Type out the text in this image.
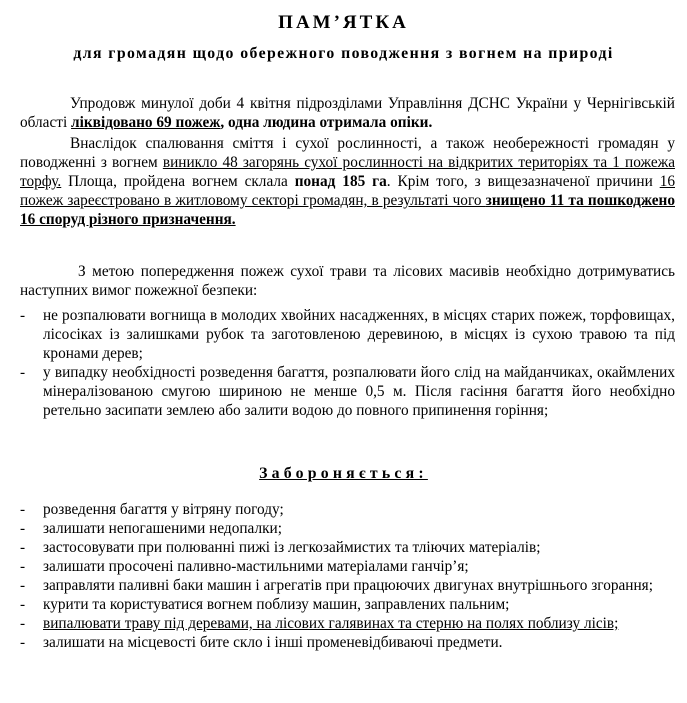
ПАМ’ЯТКА
для громадян щодо обережного поводження з вогнем на природі
Упродовж минулої доби 4 квітня підрозділами Управління ДСНС України у Чернігівській області ліквідовано 69 пожеж, одна людина отримала опіки.
Внаслідок спалювання сміття і сухої рослинності, а також необережності громадян у поводженні з вогнем виникло 48 загорянь сухої рослинності на відкритих територіях та 1 пожежа торфу. Площа, пройдена вогнем склала понад 185 га. Крім того, з вищезазначеної причини 16 пожеж зареєстровано в житловому секторі громадян, в результаті чого знищено 11 та пошкоджено 16 споруд різного призначення.
З метою попередження пожеж сухої трави та лісових масивів необхідно дотримуватись наступних вимог пожежної безпеки:
- не розпалювати вогнища в молодих хвойних насадженнях, в місцях старих пожеж, торфовищах, лісосіках із залишками рубок та заготовленою деревиною, в місцях із сухою травою та під кронами дерев;
- у випадку необхідності розведення багаття, розпалювати його слід на майданчиках, окаймлених мінералізованою смугою шириною не менше 0,5 м. Після гасіння багаття його необхідно ретельно засипати землею або залити водою до повного припинення горіння;
Забороняється:
- розведення багаття у вітряну погоду;
- залишати непогашеними недопалки;
- застосовувати при полюванні пижі із легкозаймистих та тліючих матеріалів;
- залишати просочені паливно-мастильними матеріалами ганчір’я;
- заправляти паливні баки машин і агрегатів при працюючих двигунах внутрішнього згорання;
- курити та користуватися вогнем поблизу машин, заправлених пальним;
- випалювати траву під деревами, на лісових галявинах та стерню на полях поблизу лісів;
- залишати на місцевості бите скло і інші променевідбиваючі предмети.
